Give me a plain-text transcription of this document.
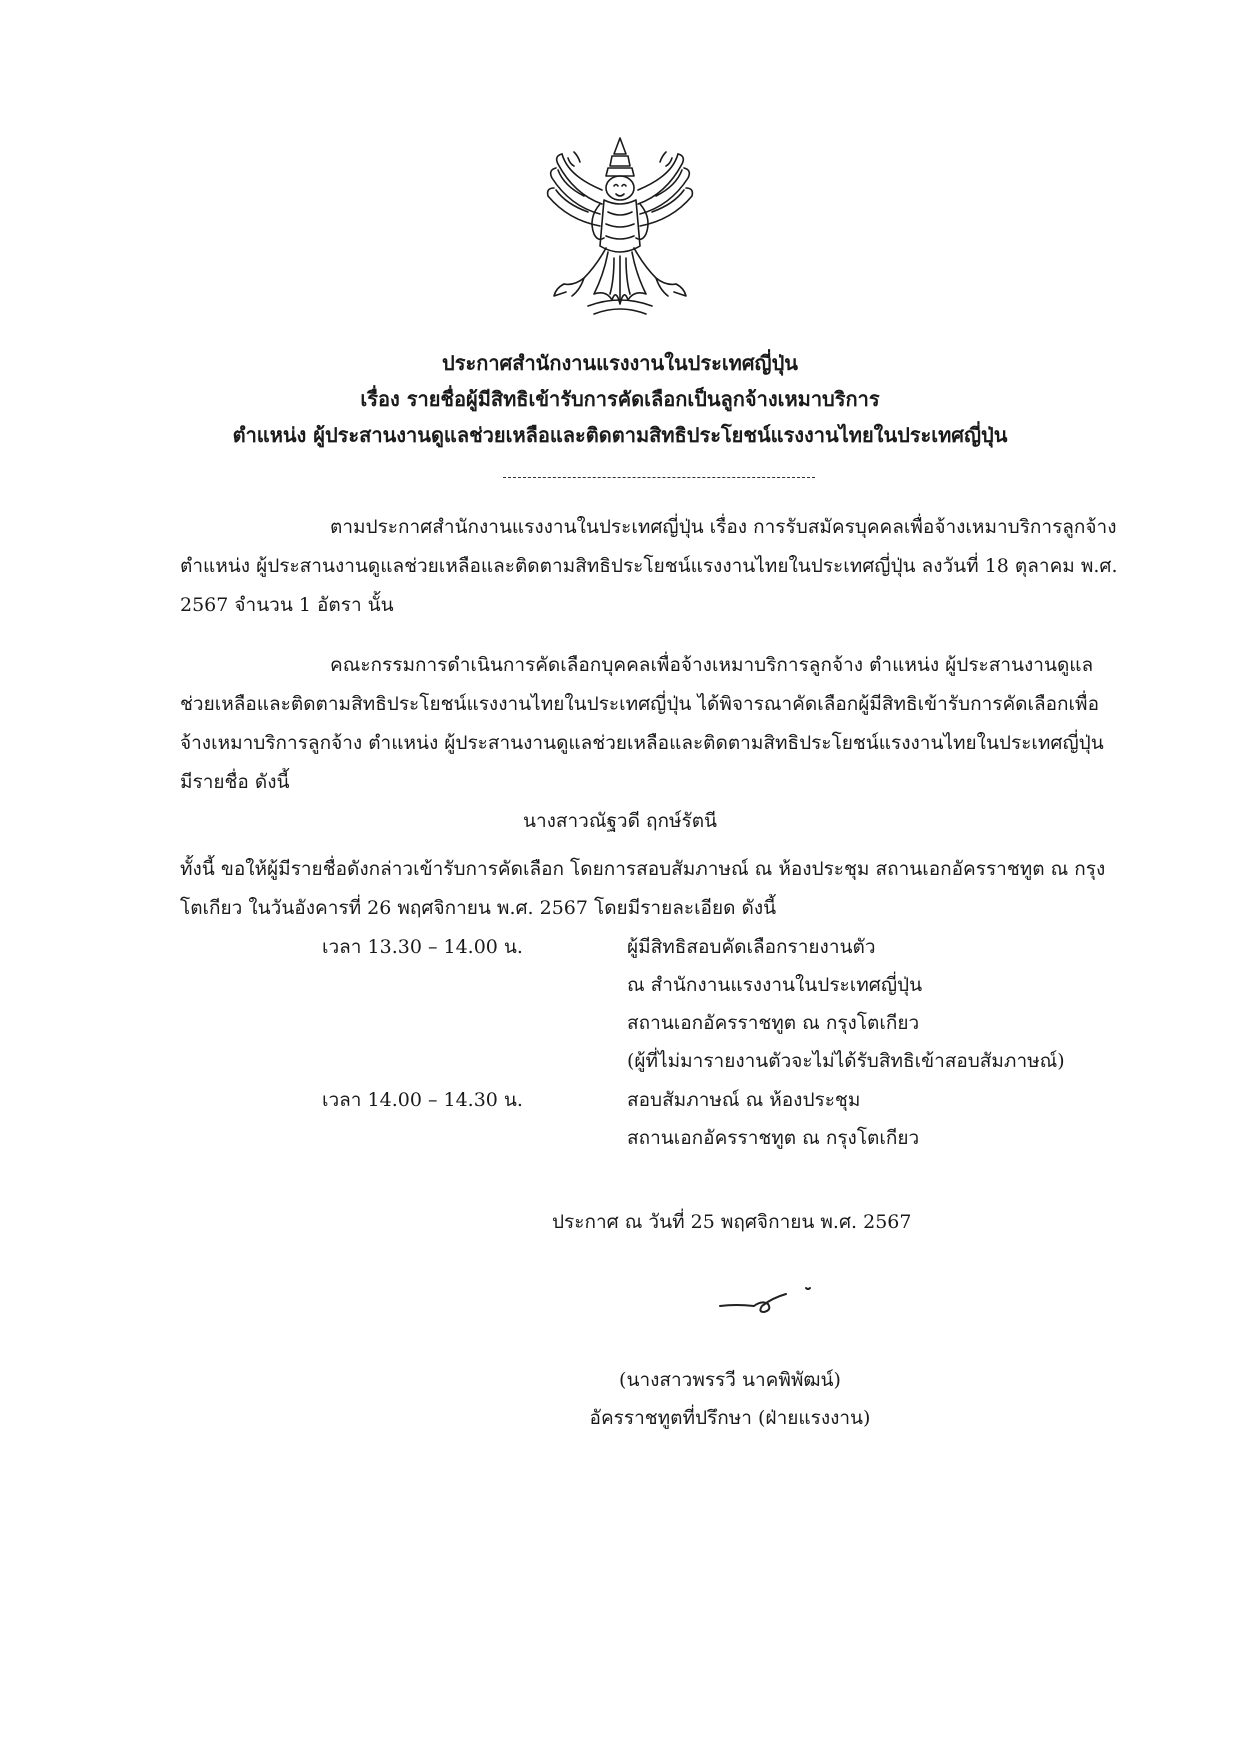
ประกาศสำนักงานแรงงานในประเทศญี่ปุ่น
เรื่อง รายชื่อผู้มีสิทธิเข้ารับการคัดเลือกเป็นลูกจ้างเหมาบริการ
ตำแหน่ง ผู้ประสานงานดูแลช่วยเหลือและติดตามสิทธิประโยชน์แรงงานไทยในประเทศญี่ปุ่น
ตามประกาศสำนักงานแรงงานในประเทศญี่ปุ่น เรื่อง การรับสมัครบุคคลเพื่อจ้างเหมาบริการลูกจ้าง ตำแหน่ง ผู้ประสานงานดูแลช่วยเหลือและติดตามสิทธิประโยชน์แรงงานไทยในประเทศญี่ปุ่น ลงวันที่ 18 ตุลาคม พ.ศ. 2567 จำนวน 1 อัตรา นั้น
คณะกรรมการดำเนินการคัดเลือกบุคคลเพื่อจ้างเหมาบริการลูกจ้าง ตำแหน่ง ผู้ประสานงานดูแลช่วยเหลือและติดตามสิทธิประโยชน์แรงงานไทยในประเทศญี่ปุ่น ได้พิจารณาคัดเลือกผู้มีสิทธิเข้ารับการคัดเลือกเพื่อจ้างเหมาบริการลูกจ้าง ตำแหน่ง ผู้ประสานงานดูแลช่วยเหลือและติดตามสิทธิประโยชน์แรงงานไทยในประเทศญี่ปุ่น มีรายชื่อ ดังนี้
นางสาวณัฐวดี ฤกษ์รัตนี
ทั้งนี้ ขอให้ผู้มีรายชื่อดังกล่าวเข้ารับการคัดเลือก โดยการสอบสัมภาษณ์ ณ ห้องประชุม สถานเอกอัครราชทูต ณ กรุงโตเกียว ในวันอังคารที่ 26 พฤศจิกายน พ.ศ. 2567 โดยมีรายละเอียด ดังนี้
เวลา 13.30 – 14.00 น.	ผู้มีสิทธิสอบคัดเลือกรายงานตัว
ณ สำนักงานแรงงานในประเทศญี่ปุ่น
สถานเอกอัครราชทูต ณ กรุงโตเกียว
(ผู้ที่ไม่มารายงานตัวจะไม่ได้รับสิทธิเข้าสอบสัมภาษณ์)
เวลา 14.00 – 14.30 น.	สอบสัมภาษณ์ ณ ห้องประชุม
สถานเอกอัครราชทูต ณ กรุงโตเกียว
ประกาศ ณ วันที่ 25 พฤศจิกายน พ.ศ. 2567
(นางสาวพรรวี นาคพิพัฒน์)
อัครราชทูตที่ปรึกษา (ฝ่ายแรงงาน)
